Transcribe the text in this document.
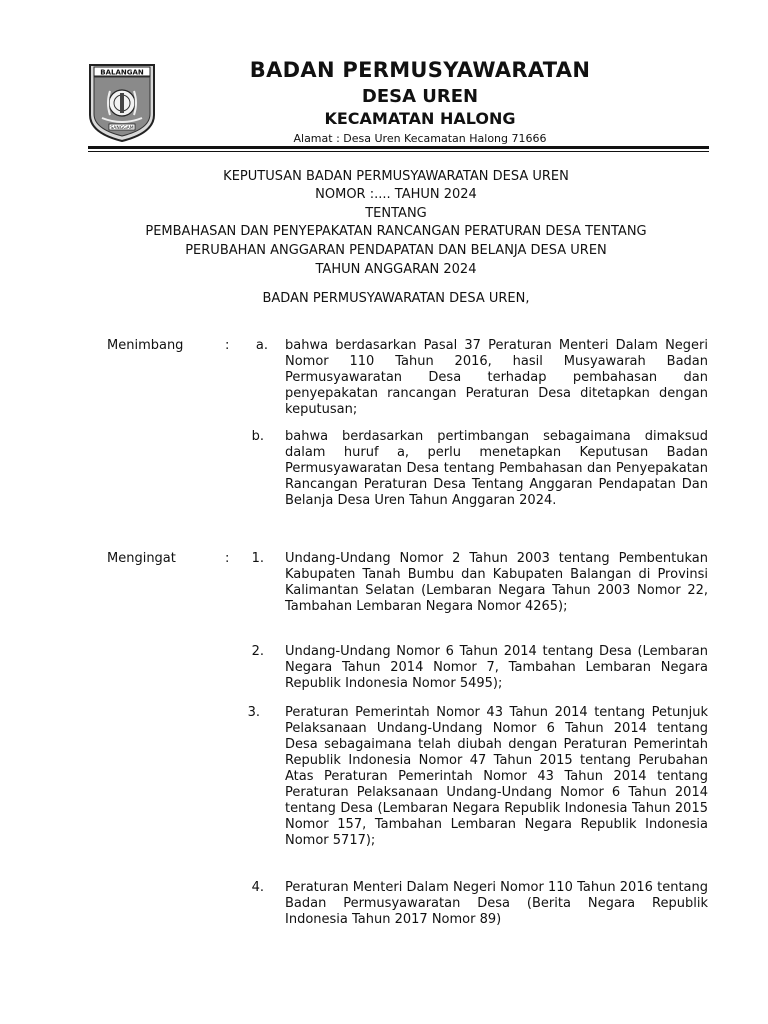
BALANGAN
SANGGAM
BADAN PERMUSYAWARATAN
DESA UREN
KECAMATAN HALONG
Alamat : Desa Uren Kecamatan Halong 71666
KEPUTUSAN BADAN PERMUSYAWARATAN DESA UREN
NOMOR :.... TAHUN 2024
TENTANG
PEMBAHASAN DAN PENYEPAKATAN RANCANGAN PERATURAN DESA TENTANG
PERUBAHAN ANGGARAN PENDAPATAN DAN BELANJA DESA UREN
TAHUN ANGGARAN 2024
BADAN PERMUSYAWARATAN DESA UREN,
Menimbang	:	a. bahwa berdasarkan Pasal 37 Peraturan Menteri Dalam Negeri Nomor 110 Tahun 2016, hasil Musyawarah Badan Permusyawaratan Desa terhadap pembahasan dan penyepakatan rancangan Peraturan Desa ditetapkan dengan keputusan;
b. bahwa berdasarkan pertimbangan sebagaimana dimaksud dalam huruf a, perlu menetapkan Keputusan Badan Permusyawaratan Desa tentang Pembahasan dan Penyepakatan Rancangan Peraturan Desa Tentang Anggaran Pendapatan Dan Belanja Desa Uren Tahun Anggaran 2024.
Mengingat	:	1. Undang-Undang Nomor 2 Tahun 2003 tentang Pembentukan Kabupaten Tanah Bumbu dan Kabupaten Balangan di Provinsi Kalimantan Selatan (Lembaran Negara Tahun 2003 Nomor 22, Tambahan Lembaran Negara Nomor 4265);
2. Undang-Undang Nomor 6 Tahun 2014 tentang Desa (Lembaran Negara Tahun 2014 Nomor 7, Tambahan Lembaran Negara Republik Indonesia Nomor 5495);
3. Peraturan Pemerintah Nomor 43 Tahun 2014 tentang Petunjuk Pelaksanaan Undang-Undang Nomor 6 Tahun 2014 tentang Desa sebagaimana telah diubah dengan Peraturan Pemerintah Republik Indonesia Nomor 47 Tahun 2015 tentang Perubahan Atas Peraturan Pemerintah Nomor 43 Tahun 2014 tentang Peraturan Pelaksanaan Undang-Undang Nomor 6 Tahun 2014 tentang Desa (Lembaran Negara Republik Indonesia Tahun 2015 Nomor 157, Tambahan Lembaran Negara Republik Indonesia Nomor 5717);
4. Peraturan Menteri Dalam Negeri Nomor 110 Tahun 2016 tentang Badan Permusyawaratan Desa (Berita Negara Republik Indonesia Tahun 2017 Nomor 89)
